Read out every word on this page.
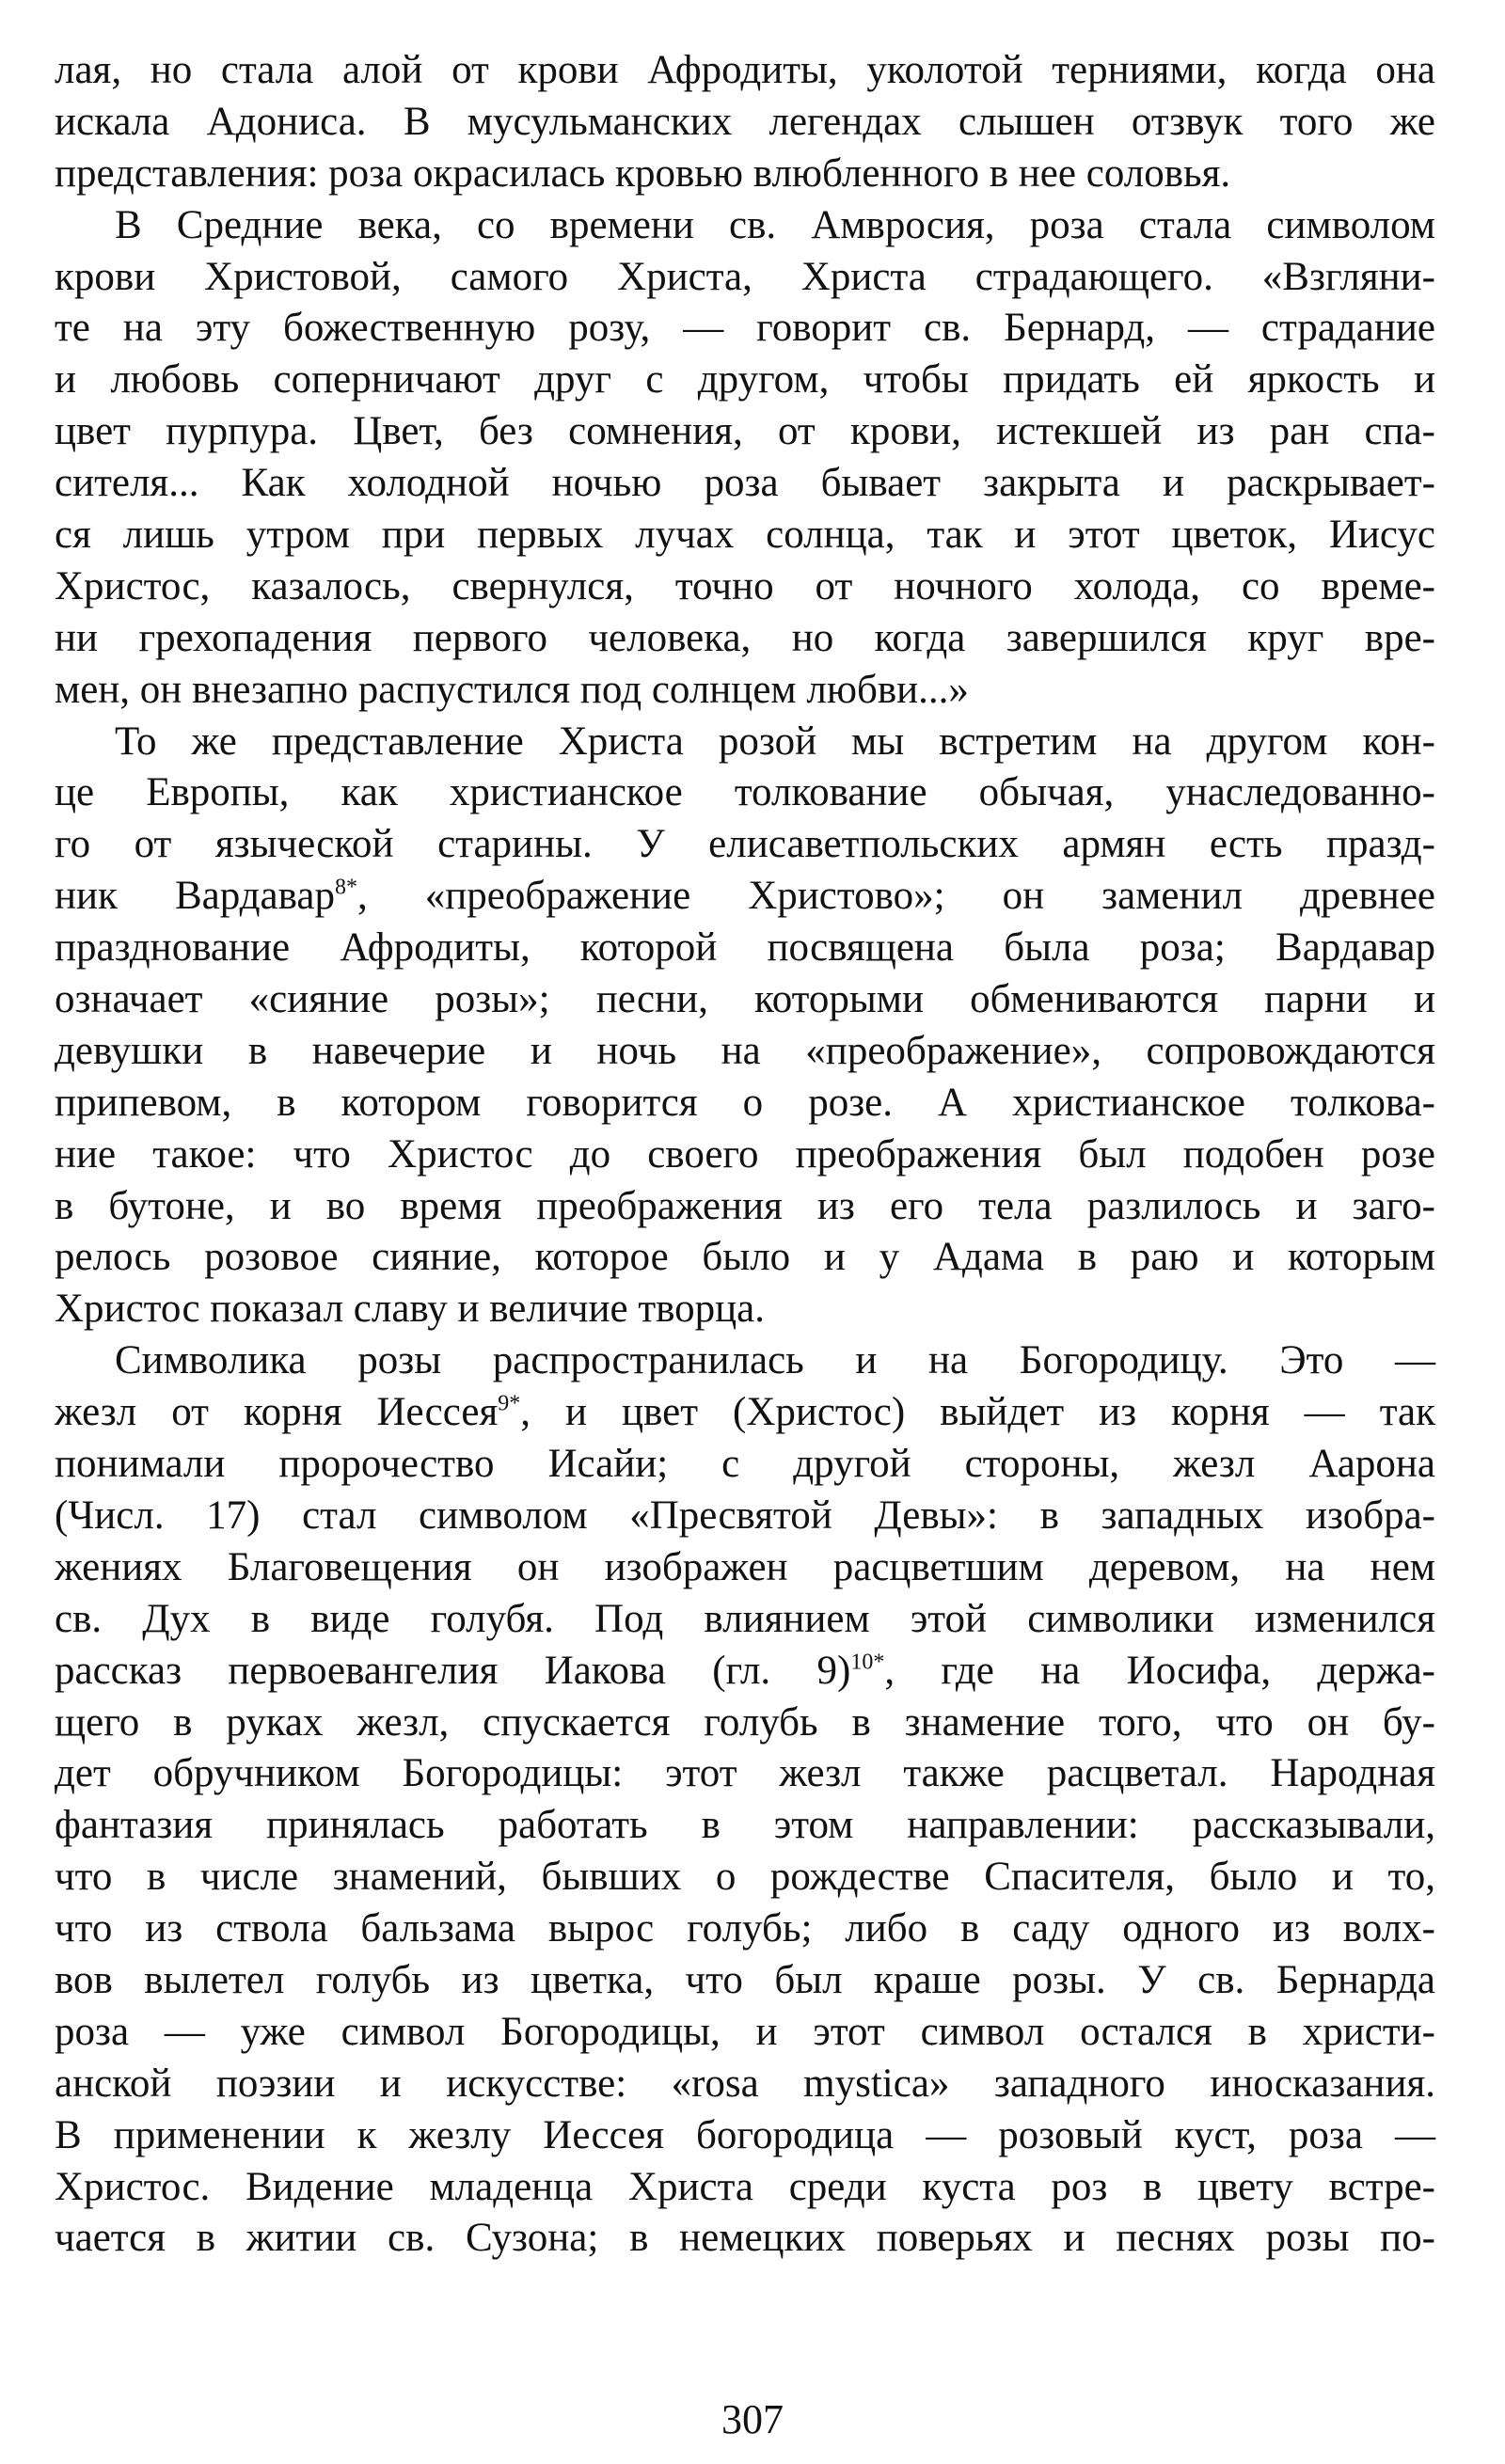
лая, но стала алой от крови Афродиты, уколотой терниями, когда она
искала Адониса. В мусульманских легендах слышен отзвук того же
представления: роза окрасилась кровью влюбленного в нее соловья.
В Средние века, со времени св. Амвросия, роза стала символом
крови Христовой, самого Христа, Христа страдающего. «Взгляни-
те на эту божественную розу, — говорит св. Бернард, — страдание
и любовь соперничают друг с другом, чтобы придать ей яркость и
цвет пурпура. Цвет, без сомнения, от крови, истекшей из ран спа-
сителя... Как холодной ночью роза бывает закрыта и раскрывает-
ся лишь утром при первых лучах солнца, так и этот цветок, Иисус
Христос, казалось, свернулся, точно от ночного холода, со време-
ни грехопадения первого человека, но когда завершился круг вре-
мен, он внезапно распустился под солнцем любви...»
То же представление Христа розой мы встретим на другом кон-
це Европы, как христианское толкование обычая, унаследованно-
го от языческой старины. У елисаветпольских армян есть празд-
ник Вардавар$^{8*}$, «преображение Христово»; он заменил древнее
празднование Афродиты, которой посвящена была роза; Вардавар
означает «сияние розы»; песни, которыми обмениваются парни и
девушки в навечерие и ночь на «преображение», сопровождаются
припевом, в котором говорится о розе. А христианское толкова-
ние такое: что Христос до своего преображения был подобен розе
в бутоне, и во время преображения из его тела разлилось и заго-
релось розовое сияние, которое было и у Адама в раю и которым
Христос показал славу и величие творца.
Символика розы распространилась и на Богородицу. Это —
жезл от корня Иессея$^{9*}$, и цвет (Христос) выйдет из корня — так
понимали пророчество Исайи; с другой стороны, жезл Аарона
(Числ. 17) стал символом «Пресвятой Девы»: в западных изобра-
жениях Благовещения он изображен расцветшим деревом, на нем
св. Дух в виде голубя. Под влиянием этой символики изменился
рассказ первоевангелия Иакова (гл. 9)$^{10*}$, где на Иосифа, держа-
щего в руках жезл, спускается голубь в знамение того, что он бу-
дет обручником Богородицы: этот жезл также расцветал. Народная
фантазия принялась работать в этом направлении: рассказывали,
что в числе знамений, бывших о рождестве Спасителя, было и то,
что из ствола бальзама вырос голубь; либо в саду одного из волх-
вов вылетел голубь из цветка, что был краше розы. У св. Бернарда
роза — уже символ Богородицы, и этот символ остался в христи-
анской поэзии и искусстве: «rosa mystica» западного иносказания.
В применении к жезлу Иессея богородица — розовый куст, роза —
Христос. Видение младенца Христа среди куста роз в цвету встре-
чается в житии св. Сузона; в немецких поверьях и песнях розы по-
307
